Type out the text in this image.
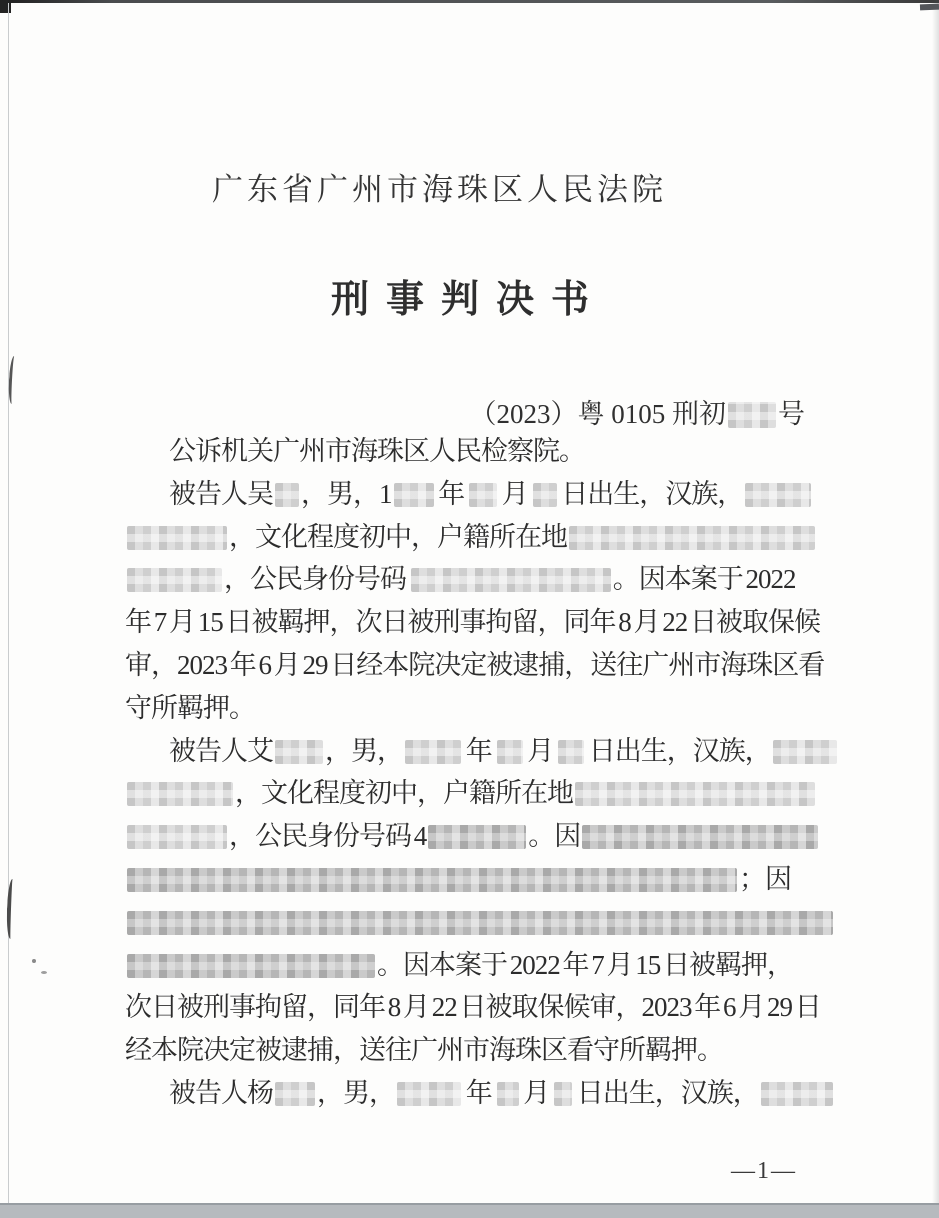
广东省广州市海珠区人民法院
刑事判决书
（2023）粤 0105 刑初 号
公诉机关广州市海珠区人民检察院。
被告人吴 ，男，1 年  月  日出生，汉族，
，文化程度初中，户籍所在地
，公民身份号码	。因本案于 2022
年 7 月 15 日被羁押，次日被刑事拘留，同年 8 月 22 日被取保候
审，2023 年 6 月 29 日经本院决定被逮捕，送往广州市海珠区看
守所羁押。
被告人艾 ，男， 年  月  日出生，汉族，
，文化程度初中，户籍所在地
，公民身份号码 4	。因
；因
。因本案于 2022 年 7 月 15 日被羁押，
次日被刑事拘留，同年 8 月 22 日被取保候审，2023 年 6 月 29 日
经本院决定被逮捕，送往广州市海珠区看守所羁押。
被告人杨 ，男，	年  月  日出生，汉族，
—1—
